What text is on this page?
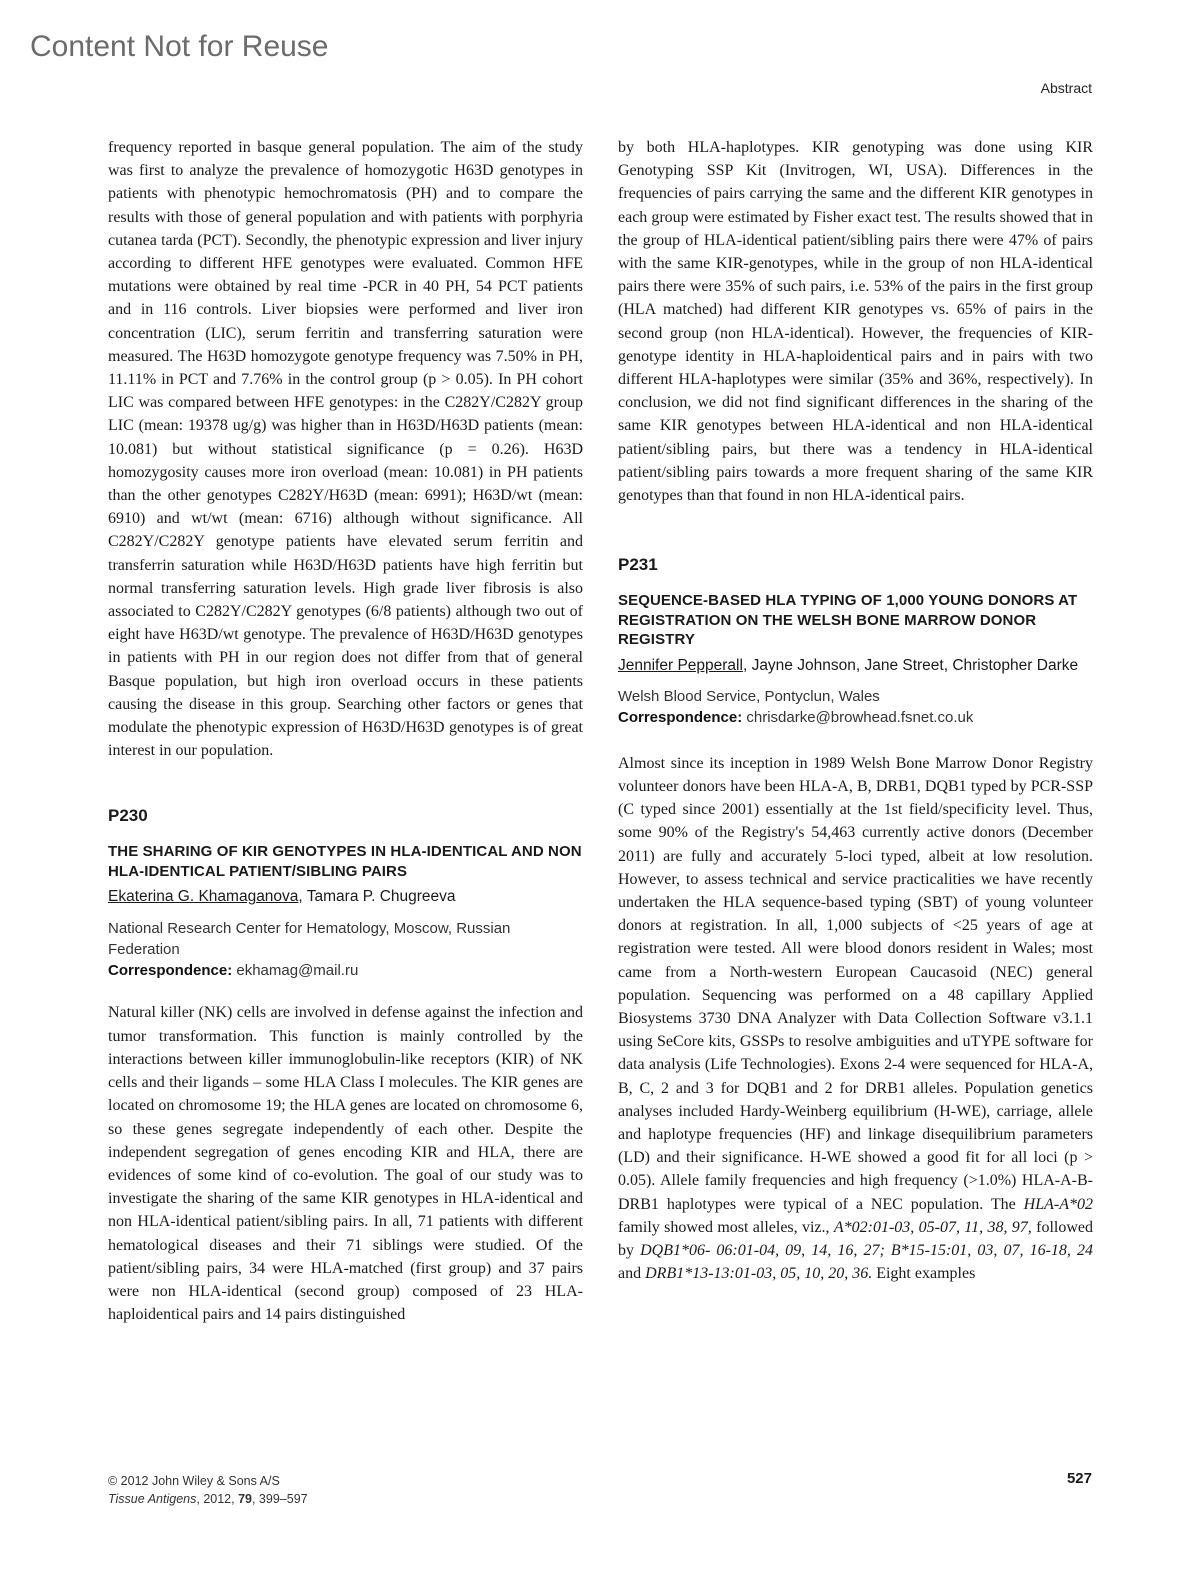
Content Not for Reuse
Abstract

frequency reported in basque general population. The aim of the study was first to analyze the prevalence of homozygotic H63D genotypes in patients with phenotypic hemochromatosis (PH) and to compare the results with those of general population and with patients with porphyria cutanea tarda (PCT). Secondly, the phenotypic expression and liver injury according to different HFE genotypes were evaluated. Common HFE mutations were obtained by real time -PCR in 40 PH, 54 PCT patients and in 116 controls. Liver biopsies were performed and liver iron concentration (LIC), serum ferritin and transferring saturation were measured. The H63D homozygote genotype frequency was 7.50% in PH, 11.11% in PCT and 7.76% in the control group (p > 0.05). In PH cohort LIC was compared between HFE genotypes: in the C282Y/C282Y group LIC (mean: 19378 ug/g) was higher than in H63D/H63D patients (mean: 10.081) but without statistical significance (p = 0.26). H63D homozygosity causes more iron overload (mean: 10.081) in PH patients than the other genotypes C282Y/H63D (mean: 6991); H63D/wt (mean: 6910) and wt/wt (mean: 6716) although without significance. All C282Y/C282Y genotype patients have elevated serum ferritin and transferrin saturation while H63D/H63D patients have high ferritin but normal transferring saturation levels. High grade liver fibrosis is also associated to C282Y/C282Y genotypes (6/8 patients) although two out of eight have H63D/wt genotype. The prevalence of H63D/H63D genotypes in patients with PH in our region does not differ from that of general Basque population, but high iron overload occurs in these patients causing the disease in this group. Searching other factors or genes that modulate the phenotypic expression of H63D/H63D genotypes is of great interest in our population.

P230

THE SHARING OF KIR GENOTYPES IN HLA-IDENTICAL AND NON HLA-IDENTICAL PATIENT/SIBLING PAIRS

Ekaterina G. Khamaganova, Tamara P. Chugreeva

National Research Center for Hematology, Moscow, Russian Federation

Correspondence: ekhamag@mail.ru

Natural killer (NK) cells are involved in defense against the infection and tumor transformation. This function is mainly controlled by the interactions between killer immunoglobulin-like receptors (KIR) of NK cells and their ligands – some HLA Class I molecules. The KIR genes are located on chromosome 19; the HLA genes are located on chromosome 6, so these genes segregate independently of each other. Despite the independent segregation of genes encoding KIR and HLA, there are evidences of some kind of co-evolution. The goal of our study was to investigate the sharing of the same KIR genotypes in HLA-identical and non HLA-identical patient/sibling pairs. In all, 71 patients with different hematological diseases and their 71 siblings were studied. Of the patient/sibling pairs, 34 were HLA-matched (first group) and 37 pairs were non HLA-identical (second group) composed of 23 HLA-haploidentical pairs and 14 pairs distinguished

by both HLA-haplotypes. KIR genotyping was done using KIR Genotyping SSP Kit (Invitrogen, WI, USA). Differences in the frequencies of pairs carrying the same and the different KIR genotypes in each group were estimated by Fisher exact test. The results showed that in the group of HLA-identical patient/sibling pairs there were 47% of pairs with the same KIR-genotypes, while in the group of non HLA-identical pairs there were 35% of such pairs, i.e. 53% of the pairs in the first group (HLA matched) had different KIR genotypes vs. 65% of pairs in the second group (non HLA-identical). However, the frequencies of KIR-genotype identity in HLA-haploidentical pairs and in pairs with two different HLA-haplotypes were similar (35% and 36%, respectively). In conclusion, we did not find significant differences in the sharing of the same KIR genotypes between HLA-identical and non HLA-identical patient/sibling pairs, but there was a tendency in HLA-identical patient/sibling pairs towards a more frequent sharing of the same KIR genotypes than that found in non HLA-identical pairs.

P231

SEQUENCE-BASED HLA TYPING OF 1,000 YOUNG DONORS AT REGISTRATION ON THE WELSH BONE MARROW DONOR REGISTRY

Jennifer Pepperall, Jayne Johnson, Jane Street, Christopher Darke

Welsh Blood Service, Pontyclun, Wales

Correspondence: chrisdarke@browhead.fsnet.co.uk

Almost since its inception in 1989 Welsh Bone Marrow Donor Registry volunteer donors have been HLA-A, B, DRB1, DQB1 typed by PCR-SSP (C typed since 2001) essentially at the 1st field/specificity level. Thus, some 90% of the Registry's 54,463 currently active donors (December 2011) are fully and accurately 5-loci typed, albeit at low resolution. However, to assess technical and service practicalities we have recently undertaken the HLA sequence-based typing (SBT) of young volunteer donors at registration. In all, 1,000 subjects of <25 years of age at registration were tested. All were blood donors resident in Wales; most came from a North-western European Caucasoid (NEC) general population. Sequencing was performed on a 48 capillary Applied Biosystems 3730 DNA Analyzer with Data Collection Software v3.1.1 using SeCore kits, GSSPs to resolve ambiguities and uTYPE software for data analysis (Life Technologies). Exons 2-4 were sequenced for HLA-A, B, C, 2 and 3 for DQB1 and 2 for DRB1 alleles. Population genetics analyses included Hardy-Weinberg equilibrium (H-WE), carriage, allele and haplotype frequencies (HF) and linkage disequilibrium parameters (LD) and their significance. H-WE showed a good fit for all loci (p > 0.05). Allele family frequencies and high frequency (>1.0%) HLA-A-B-DRB1 haplotypes were typical of a NEC population. The HLA-A*02 family showed most alleles, viz., A*02:01-03, 05-07, 11, 38, 97, followed by DQB1*06- 06:01-04, 09, 14, 16, 27; B*15-15:01, 03, 07, 16-18, 24 and DRB1*13-13:01-03, 05, 10, 20, 36. Eight examples

© 2012 John Wiley & Sons A/S
Tissue Antigens, 2012, 79, 399–597
527
